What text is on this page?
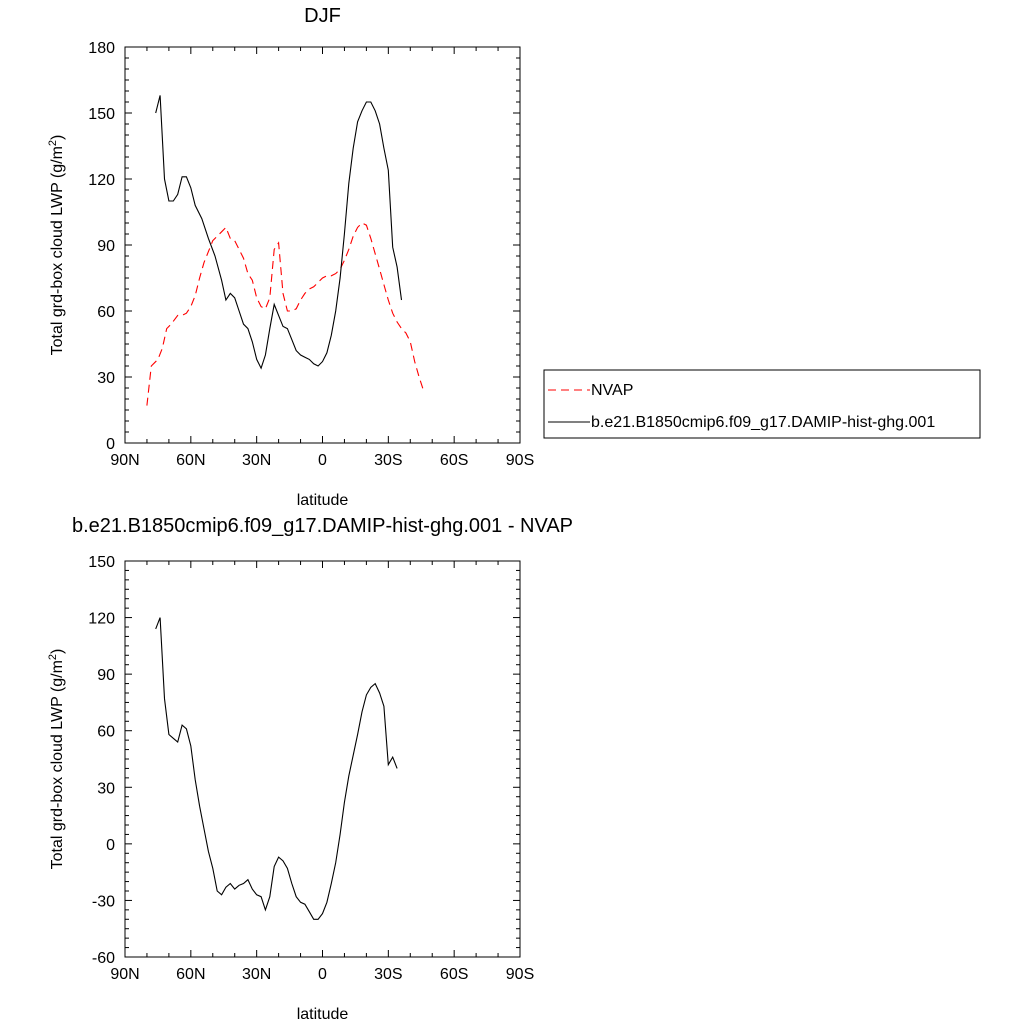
DJF
90N 60N 30N	0	30S 60S 90S
0
30
60
90
120
150
180
latitude
Total grd-box cloud LWP $(g/m^2)$
b.e21.B1850cmip6.f09_g17.DAMIP-hist-ghg.001 - NVAP
90N 60N 30N	0	30S 60S 90S
-60
-30
0
30
60
90
120
150
latitude
Total grd-box cloud LWP $(g/m^2)$
NVAP
b.e21.B1850cmip6.f09_g17.DAMIP-hist-ghg.001
